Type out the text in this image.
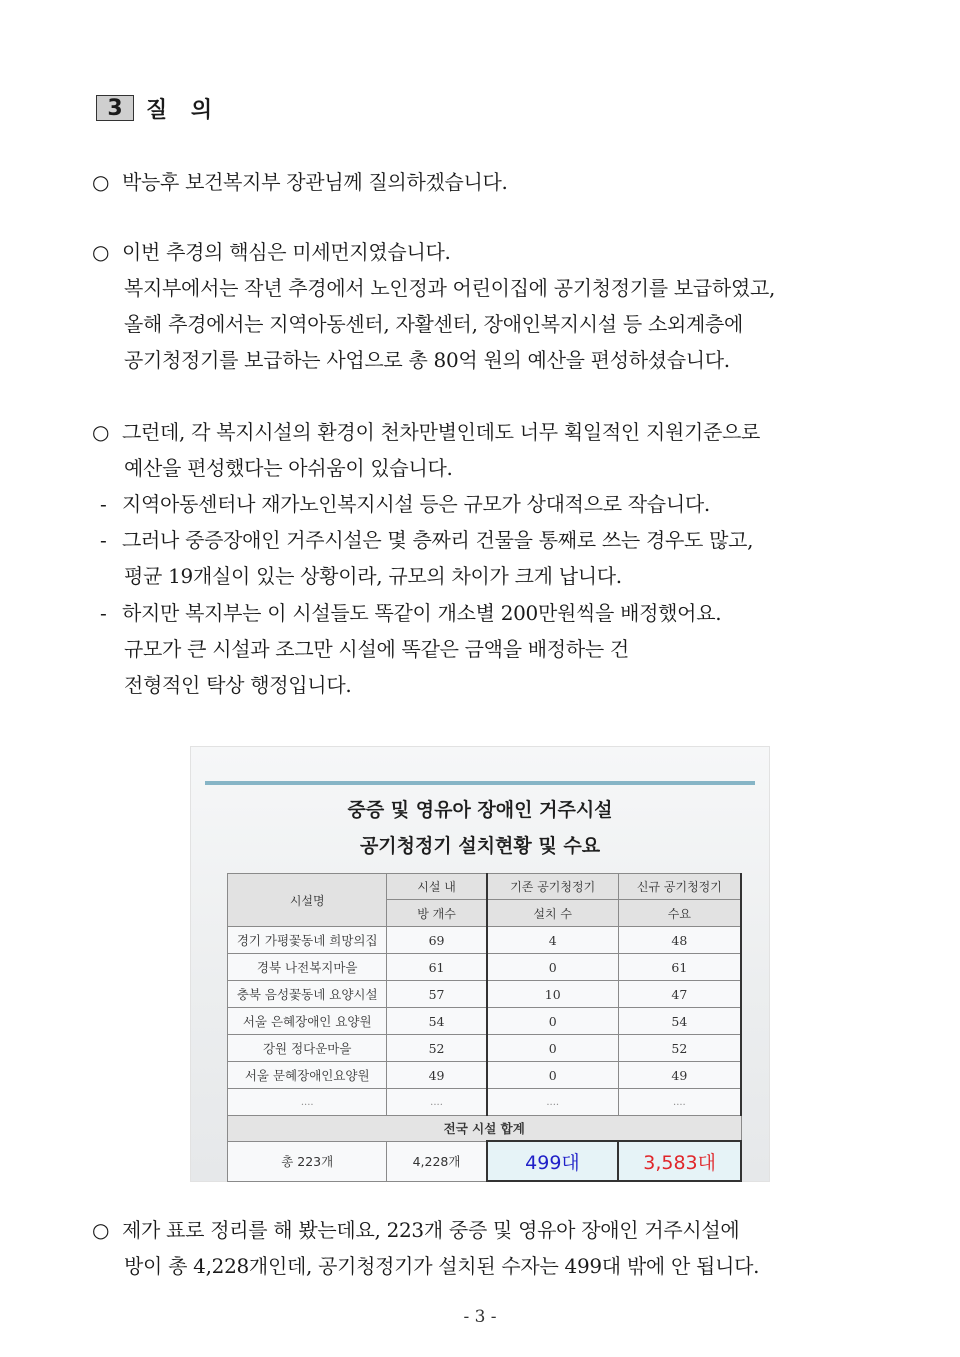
3	질 의
○ 박능후 보건복지부 장관님께 질의하겠습니다.
○ 이번 추경의 핵심은 미세먼지였습니다.
복지부에서는 작년 추경에서 노인정과 어린이집에 공기청정기를 보급하였고,
올해 추경에서는 지역아동센터, 자활센터, 장애인복지시설 등 소외계층에
공기청정기를 보급하는 사업으로 총 80억 원의 예산을 편성하셨습니다.
○ 그런데, 각 복지시설의 환경이 천차만별인데도 너무 획일적인 지원기준으로
예산을 편성했다는 아쉬움이 있습니다.
- 지역아동센터나 재가노인복지시설 등은 규모가 상대적으로 작습니다.
- 그러나 중증장애인 거주시설은 몇 층짜리 건물을 통째로 쓰는 경우도 많고,
평균 19개실이 있는 상황이라, 규모의 차이가 크게 납니다.
- 하지만 복지부는 이 시설들도 똑같이 개소별 200만원씩을 배정했어요.
규모가 큰 시설과 조그만 시설에 똑같은 금액을 배정하는 건
전형적인 탁상 행정입니다.
중증 및 영유아 장애인 거주시설
공기청정기 설치현황 및 수요
시설명	시설 내	기존 공기청정기	신규 공기청정기
	방 개수	설치 수	수요
경기 가평꽃동네 희망의집	69	4	48
경북 나전복지마을	61	0	61
충북 음성꽃동네 요양시설	57	10	47
서울 은혜장애인 요양원	54	0	54
강원 정다운마을	52	0	52
서울 문혜장애인요양원	49	0	49
....	....	....	....
전국 시설 합계			
총 223개	4,228개	499대	3,583대
○ 제가 표로 정리를 해 봤는데요, 223개 중증 및 영유아 장애인 거주시설에
방이 총 4,228개인데, 공기청정기가 설치된 수자는 499대 밖에 안 됩니다.
- 3 -
